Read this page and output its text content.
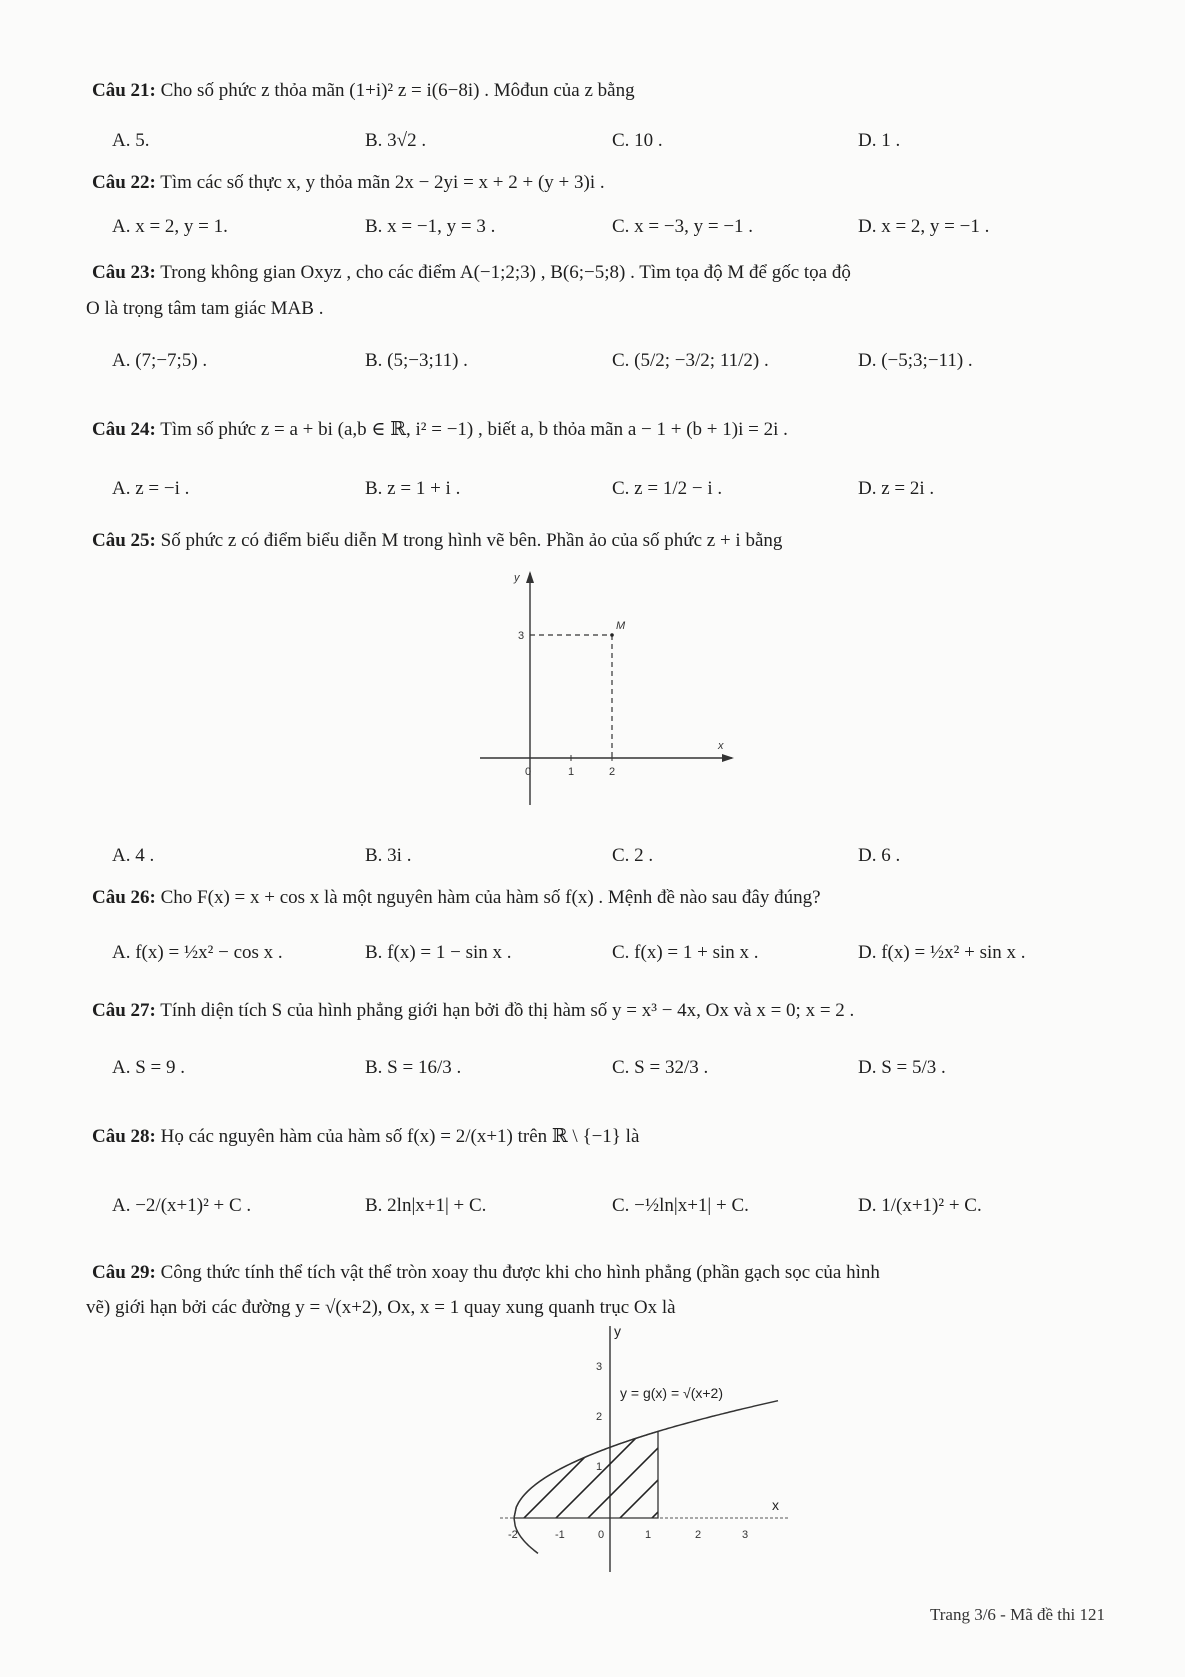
Câu 21: Cho số phức z thỏa mãn (1+i)² z = i(6−8i) . Môđun của z bằng
A. 5.	B. 3√2 .	C. 10 .	D. 1 .
Câu 22: Tìm các số thực x, y thỏa mãn 2x − 2yi = x + 2 + (y + 3)i .
A. x = 2, y = 1.	B. x = −1, y = 3 .	C. x = −3, y = −1 .	D. x = 2, y = −1 .
Câu 23: Trong không gian Oxyz , cho các điểm A(−1;2;3) , B(6;−5;8) . Tìm tọa độ M để gốc tọa độ
O là trọng tâm tam giác MAB .
A. (7;−7;5) .	B. (5;−3;11) .	C. (5/2; −3/2; 11/2) .	D. (−5;3;−11) .
Câu 24: Tìm số phức z = a + bi (a,b ∈ ℝ, i² = −1) , biết a, b thỏa mãn a − 1 + (b + 1)i = 2i .
A. z = −i .	B. z = 1 + i .	C. z = 1/2 − i .	D. z = 2i .
Câu 25: Số phức z có điểm biểu diễn M trong hình vẽ bên. Phần ảo của số phức z + i bằng
0	1	2
3
M
y
x
A. 4 .	B. 3i .	C. 2 .	D. 6 .
Câu 26: Cho F(x) = x + cos x là một nguyên hàm của hàm số f(x) . Mệnh đề nào sau đây đúng?
A. f(x) = ½x² − cos x .	B. f(x) = 1 − sin x .	C. f(x) = 1 + sin x .	D. f(x) = ½x² + sin x .
Câu 27: Tính diện tích S của hình phẳng giới hạn bởi đồ thị hàm số y = x³ − 4x, Ox và x = 0; x = 2 .
A. S = 9 .	B. S = 16/3 .	C. S = 32/3 .	D. S = 5/3 .
Câu 28: Họ các nguyên hàm của hàm số f(x) = 2/(x+1) trên ℝ \ {−1} là
A. −2/(x+1)² + C .	B. 2ln|x+1| + C.	C. −½ln|x+1| + C.	D. 1/(x+1)² + C.
Câu 29: Công thức tính thể tích vật thể tròn xoay thu được khi cho hình phẳng (phần gạch sọc của hình
vẽ) giới hạn bởi các đường y = √(x+2), Ox, x = 1 quay xung quanh trục Ox là
-2	-1	0	1	2	3
1
2
3
y
x
y = g(x) = √(x+2)
Trang 3/6 - Mã đề thi 121
